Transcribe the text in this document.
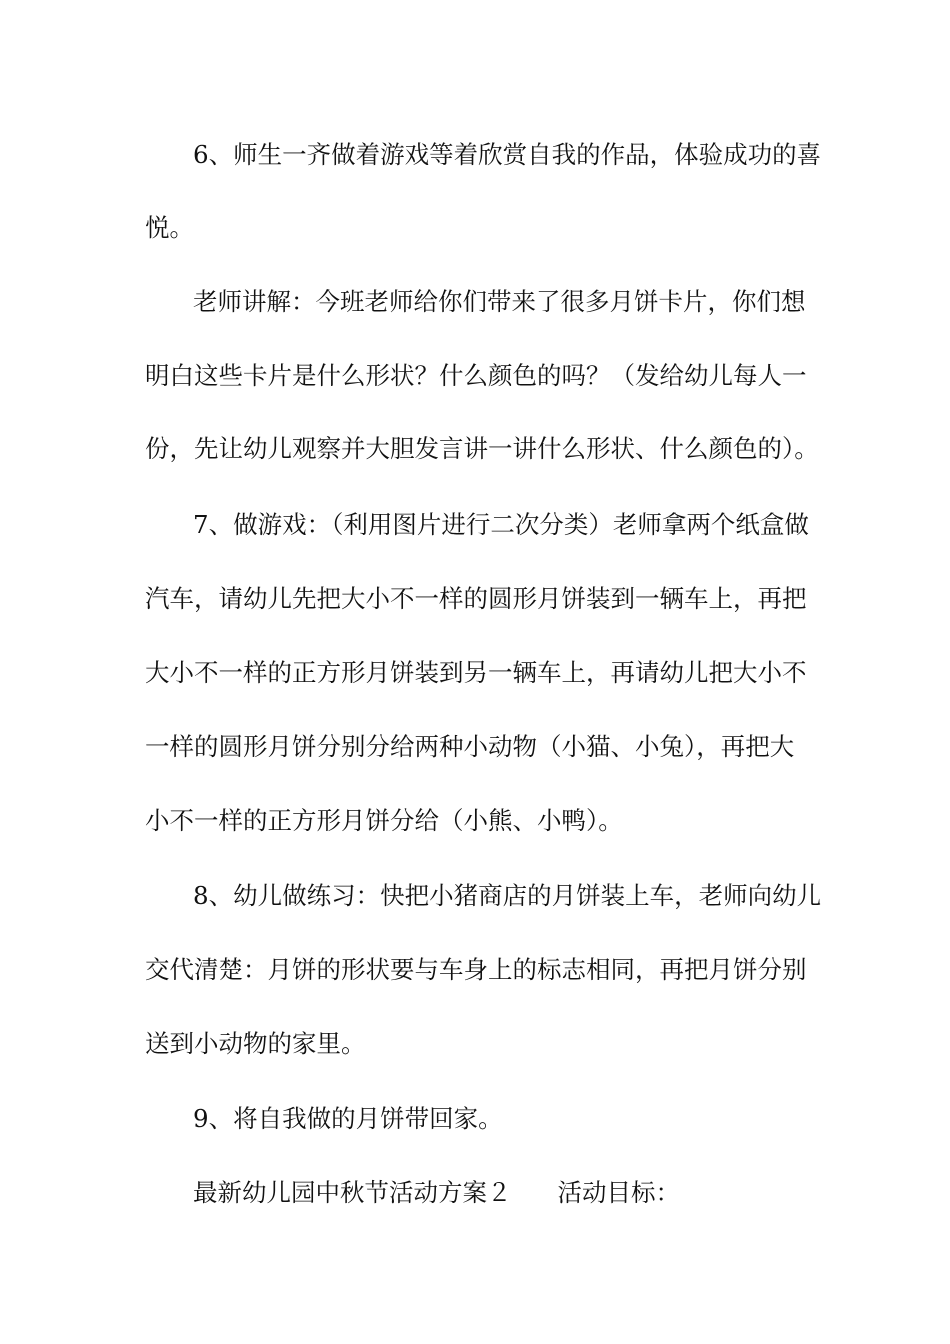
6、师生一齐做着游戏等着欣赏自我的作品，体验成功的喜
悦。
老师讲解：今班老师给你们带来了很多月饼卡片，你们想
明白这些卡片是什么形状？什么颜色的吗？（发给幼儿每人一
份，先让幼儿观察并大胆发言讲一讲什么形状、什么颜色的）。
7、做游戏：（利用图片进行二次分类）老师拿两个纸盒做
汽车，请幼儿先把大小不一样的圆形月饼装到一辆车上，再把
大小不一样的正方形月饼装到另一辆车上，再请幼儿把大小不
一样的圆形月饼分别分给两种小动物（小猫、小兔），再把大
小不一样的正方形月饼分给（小熊、小鸭）。
8、幼儿做练习：快把小猪商店的月饼装上车，老师向幼儿
交代清楚：月饼的形状要与车身上的标志相同，再把月饼分别
送到小动物的家里。
9、将自我做的月饼带回家。
最新幼儿园中秋节活动方案２ 活动目标：
